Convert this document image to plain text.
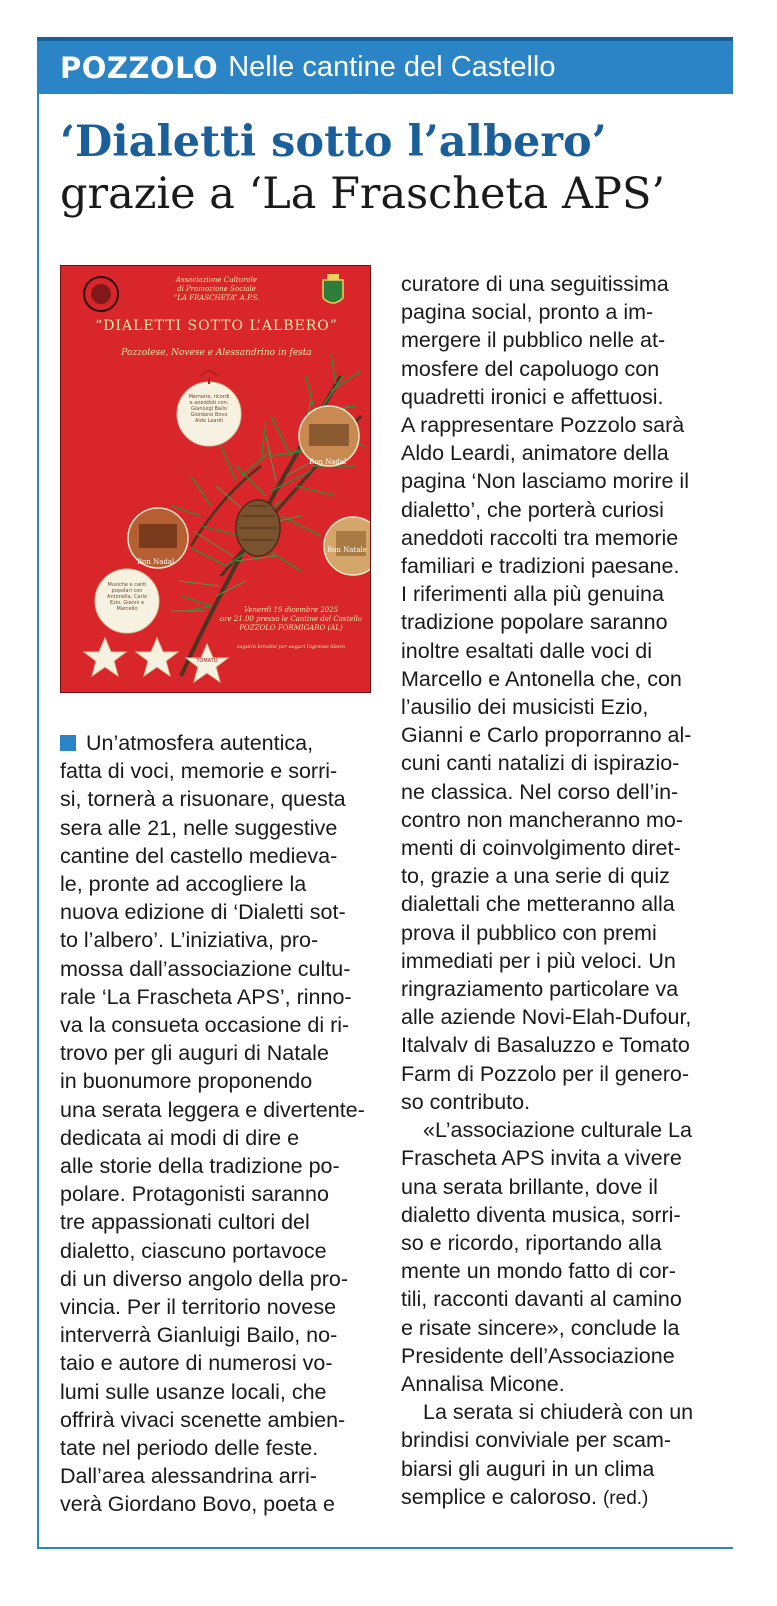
POZZOLO Nelle cantine del Castello
‘Dialetti sotto l’albero’
grazie a ‘La Frascheta APS’
Associazione Culturale
di Promozione Sociale
“LA FRASCHETA” A.P.S.
“DIALETTI SOTTO L’ALBERO”
Pozzolese, Novese e Alessandrino in festa
Memorie, ricordi
e aneddoti con:
Gianluigi Bailo
Giordano Bovo
Aldo Leardi
Musiche e canti
popolari con
Antonella, Carlo
Ezio, Gianni e
Marcello
Bon Nadal
Bon Nadal
Bon Natale
Venerdì 19 dicembre 2025
ore 21.00 presso le Cantine del Castello
POZZOLO FORMIGARO (AL)
seguirà brindisi per auguri Ingresso libero
TOMATO

Un’atmosfera autentica,
fatta di voci, memorie e sorri-
si, tornerà a risuonare, questa
sera alle 21, nelle suggestive
cantine del castello medieva-
le, pronte ad accogliere la
nuova edizione di ‘Dialetti sot-
to l’albero’. L’iniziativa, pro-
mossa dall’associazione cultu-
rale ‘La Frascheta APS’, rinno-
va la consueta occasione di ri-
trovo per gli auguri di Natale
in buonumore proponendo
una serata leggera e divertente-
dedicata ai modi di dire e
alle storie della tradizione po-
polare. Protagonisti saranno
tre appassionati cultori del
dialetto, ciascuno portavoce
di un diverso angolo della pro-
vincia. Per il territorio novese
interverrà Gianluigi Bailo, no-
taio e autore di numerosi vo-
lumi sulle usanze locali, che
offrirà vivaci scenette ambien-
tate nel periodo delle feste.
Dall’area alessandrina arri-
verà Giordano Bovo, poeta e

curatore di una seguitissima
pagina social, pronto a im-
mergere il pubblico nelle at-
mosfere del capoluogo con
quadretti ironici e affettuosi.
A rappresentare Pozzolo sarà
Aldo Leardi, animatore della
pagina ‘Non lasciamo morire il
dialetto’, che porterà curiosi
aneddoti raccolti tra memorie
familiari e tradizioni paesane.
I riferimenti alla più genuina
tradizione popolare saranno
inoltre esaltati dalle voci di
Marcello e Antonella che, con
l’ausilio dei musicisti Ezio,
Gianni e Carlo proporranno al-
cuni canti natalizi di ispirazio-
ne classica. Nel corso dell’in-
contro non mancheranno mo-
menti di coinvolgimento diret-
to, grazie a una serie di quiz
dialettali che metteranno alla
prova il pubblico con premi
immediati per i più veloci. Un
ringraziamento particolare va
alle aziende Novi-Elah-Dufour,
Italvalv di Basaluzzo e Tomato
Farm di Pozzolo per il genero-
so contributo.

«L’associazione culturale La
Frascheta APS invita a vivere
una serata brillante, dove il
dialetto diventa musica, sorri-
so e ricordo, riportando alla
mente un mondo fatto di cor-
tili, racconti davanti al camino
e risate sincere», conclude la
Presidente dell’Associazione
Annalisa Micone.

La serata si chiuderà con un
brindisi conviviale per scam-
biarsi gli auguri in un clima
semplice e caloroso. (red.)
